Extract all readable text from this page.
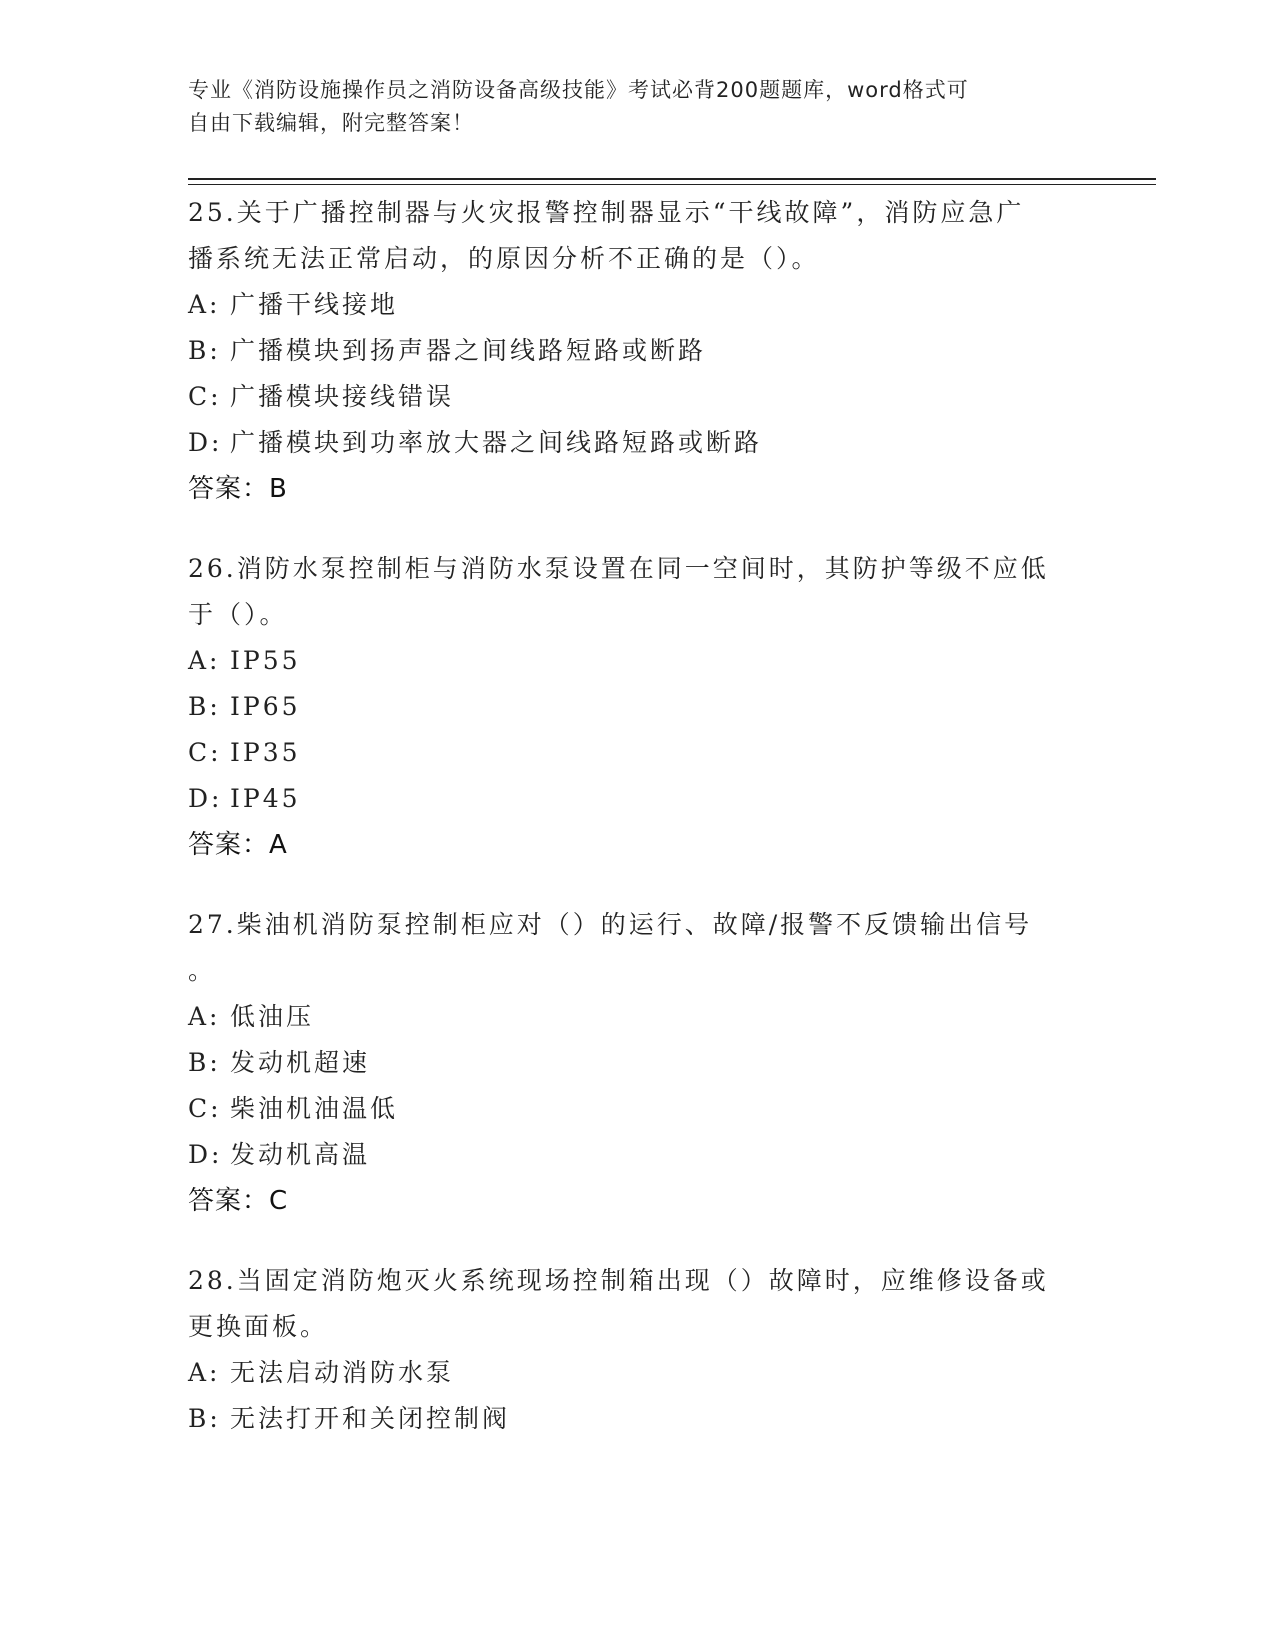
专业《消防设施操作员之消防设备高级技能》考试必背200题题库，word格式可
自由下载编辑，附完整答案！
25.关于广播控制器与火灾报警控制器显示“干线故障”，消防应急广
播系统无法正常启动，的原因分析不正确的是（）。
A: 广播干线接地
B: 广播模块到扬声器之间线路短路或断路
C: 广播模块接线错误
D: 广播模块到功率放大器之间线路短路或断路
答案：B
26.消防水泵控制柜与消防水泵设置在同一空间时，其防护等级不应低
于（）。
A: IP55
B: IP65
C: IP35
D: IP45
答案：A
27.柴油机消防泵控制柜应对（）的运行、故障/报警不反馈输出信号
。
A: 低油压
B: 发动机超速
C: 柴油机油温低
D: 发动机高温
答案：C
28.当固定消防炮灭火系统现场控制箱出现（）故障时，应维修设备或
更换面板。
A: 无法启动消防水泵
B: 无法打开和关闭控制阀
